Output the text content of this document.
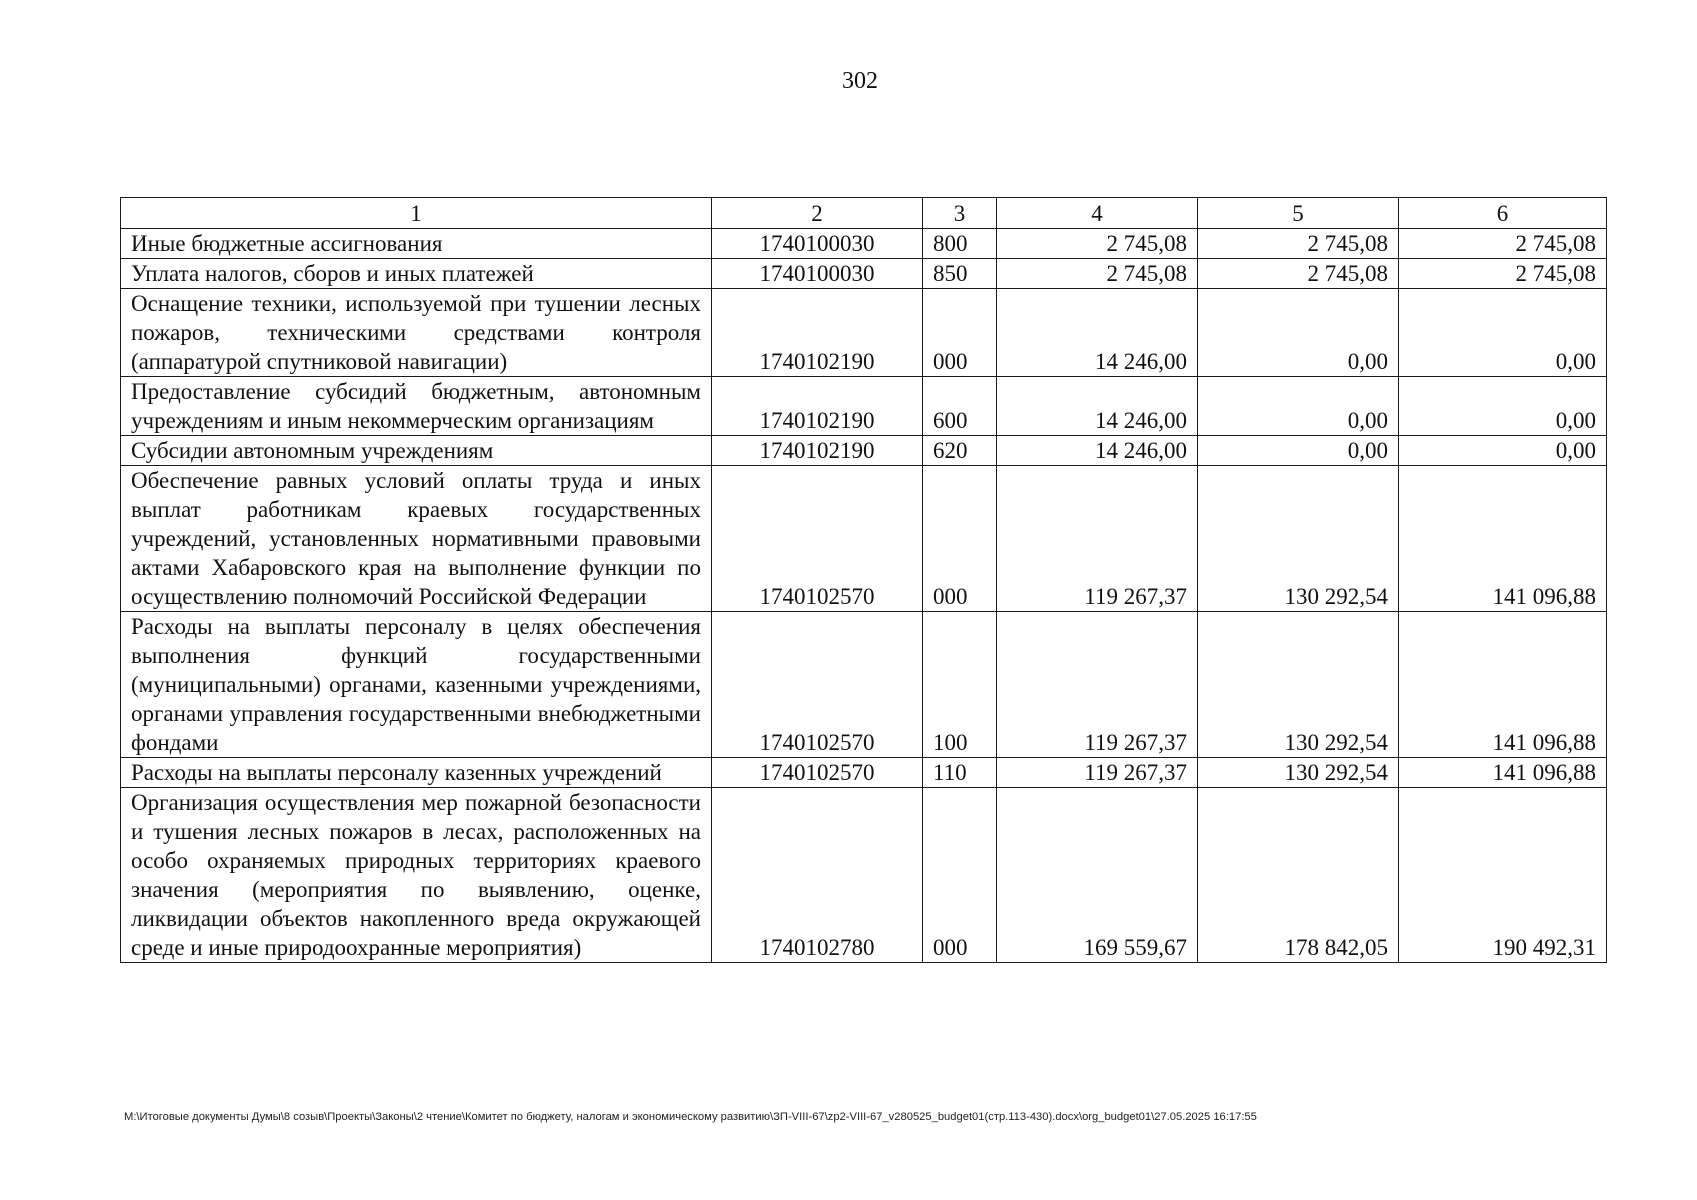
302
1	2	3	4	5	6
Иные бюджетные ассигнования	1740100030	800	2 745,08	2 745,08	2 745,08
Уплата налогов, сборов и иных платежей	1740100030	850	2 745,08	2 745,08	2 745,08
Оснащение техники, используемой при тушении лесных пожаров, техническими средствами контроля (аппаратурой спутниковой навигации)	1740102190	000	14 246,00	0,00	0,00
Предоставление субсидий бюджетным, автономным учреждениям и иным некоммерческим организациям	1740102190	600	14 246,00	0,00	0,00
Субсидии автономным учреждениям	1740102190	620	14 246,00	0,00	0,00
Обеспечение равных условий оплаты труда и иных выплат работникам краевых государственных учреждений, установленных нормативными правовыми актами Хабаровского края на выполнение функции по осуществлению полномочий Российской Федерации	1740102570	000	119 267,37	130 292,54	141 096,88
Расходы на выплаты персоналу в целях обеспечения выполнения функций государственными (муниципальными) органами, казенными учреждениями, органами управления государственными внебюджетными фондами	1740102570	100	119 267,37	130 292,54	141 096,88
Расходы на выплаты персоналу казенных учреждений	1740102570	110	119 267,37	130 292,54	141 096,88
Организация осуществления мер пожарной безопасности и тушения лесных пожаров в лесах, расположенных на особо охраняемых природных территориях краевого значения (мероприятия по выявлению, оценке, ликвидации объектов накопленного вреда окружающей среде и иные природоохранные мероприятия)	1740102780	000	169 559,67	178 842,05	190 492,31
M:\Итоговые документы Думы\8 созыв\Проекты\Законы\2 чтение\Комитет по бюджету, налогам и экономическому развитию\ЗП-VIII-67\zp2-VIII-67_v280525_budget01(стр.113-430).docx\org_budget01\27.05.2025 16:17:55
